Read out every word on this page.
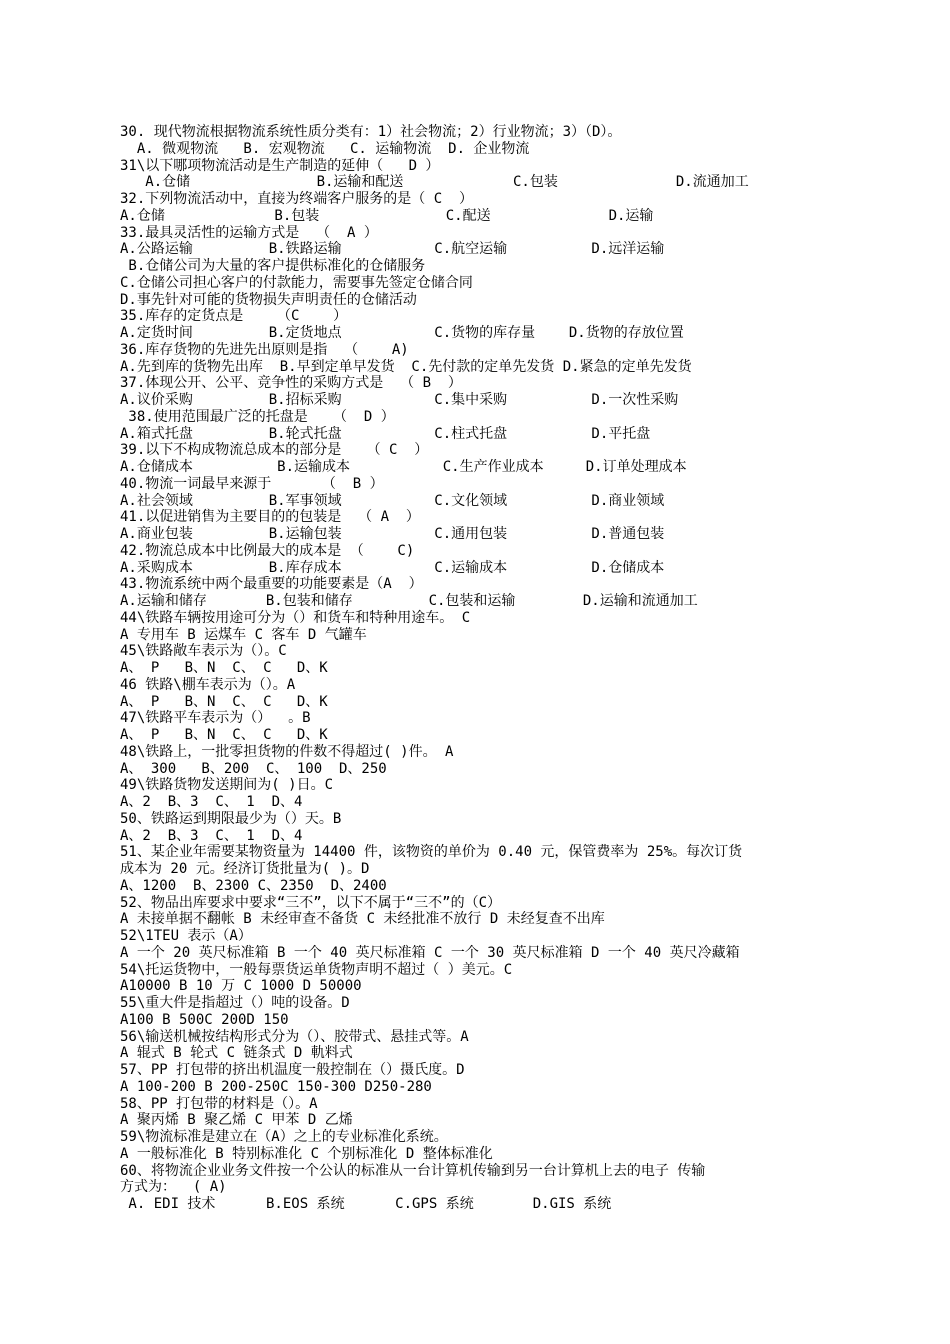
30. 现代物流根据物流系统性质分类有：1）社会物流；2）行业物流；3）（D）。
A. 微观物流   B. 宏观物流   C. 运输物流  D. 企业物流
31\以下哪项物流活动是生产制造的延伸（   D ）
A.仓储               B.运输和配送             C.包装              D.流通加工
32.下列物流活动中，直接为终端客户服务的是（ C  ）
A.仓储             B.包装               C.配送              D.运输
33.最具灵活性的运输方式是  （  A ）
A.公路运输         B.铁路运输           C.航空运输          D.远洋运输
B.仓储公司为大量的客户提供标准化的仓储服务
C.仓储公司担心客户的付款能力，需要事先签定仓储合同
D.事先针对可能的货物损失声明责任的仓储活动
35.库存的定货点是    （C    ）
A.定货时间         B.定货地点           C.货物的库存量    D.货物的存放位置
36.库存货物的先进先出原则是指  （    A)
A.先到库的货物先出库  B.早到定单早发货  C.先付款的定单先发货 D.紧急的定单先发货
37.体现公开、公平、竞争性的采购方式是  （ B  ）
A.议价采购         B.招标采购           C.集中采购          D.一次性采购
38.使用范围最广泛的托盘是   （  D ）
A.箱式托盘         B.轮式托盘           C.柱式托盘          D.平托盘
39.以下不构成物流总成本的部分是   （ C  ）
A.仓储成本          B.运输成本           C.生产作业成本     D.订单处理成本
40.物流一词最早来源于      （  B ）
A.社会领域         B.军事领域           C.文化领域          D.商业领域
41.以促进销售为主要目的的包装是  （ A  ）
A.商业包装         B.运输包装           C.通用包装          D.普通包装
42.物流总成本中比例最大的成本是 （    C)
A.采购成本         B.库存成本           C.运输成本          D.仓储成本
43.物流系统中两个最重要的功能要素是（A  ）
A.运输和储存       B.包装和储存         C.包装和运输        D.运输和流通加工
44\铁路车辆按用途可分为（）和货车和特种用途车。 C
A 专用车 B 运煤车 C 客车 D 气罐车
45\铁路敞车表示为（）。C
A、 P   B、N  C、 C   D、K
46 铁路\棚车表示为（）。A
A、 P   B、N  C、 C   D、K
47\铁路平车表示为（）  。B
A、 P   B、N  C、 C   D、K
48\铁路上，一批零担货物的件数不得超过( )件。 A
A、 300   B、200  C、 100  D、250
49\铁路货物发送期间为( )日。C
A、2  B、3  C、 1  D、4
50、铁路运到期限最少为（）天。B
A、2  B、3  C、 1  D、4
51、某企业年需要某物资量为 14400 件，该物资的单价为 0.40 元，保管费率为 25%。每次订货
成本为 20 元。经济订货批量为( )。D
A、1200  B、2300 C、2350  D、2400
52、物品出库要求中要求“三不”，以下不属于“三不”的（C）
A 未接单据不翻帐 B 未经审查不备货 C 未经批准不放行 D 未经复查不出库
52\1TEU 表示（A）
A 一个 20 英尺标准箱 B 一个 40 英尺标准箱 C 一个 30 英尺标准箱 D 一个 40 英尺冷藏箱
54\托运货物中，一般每票货运单货物声明不超过（ ）美元。C
A10000 B 10 万 C 1000 D 50000
55\重大件是指超过（）吨的设备。D
A100 B 500C 200D 150
56\输送机械按结构形式分为（）、胶带式、悬挂式等。A
A 辊式 B 轮式 C 链条式 D 軌料式
57、PP 打包带的挤出机温度一般控制在（）摄氏度。D
A 100-200 B 200-250C 150-300 D250-280
58、PP 打包带的材料是（）。A
A 聚丙烯 B 聚乙烯 C 甲苯 D 乙烯
59\物流标准是建立在（A）之上的专业标准化系统。
A 一般标准化 B 特别标准化 C 个别标准化 D 整体标准化
60、将物流企业业务文件按一个公认的标准从一台计算机传输到另一台计算机上去的电子 传输
方式为：  ( A)
A. EDI 技术      B.EOS 系统      C.GPS 系统       D.GIS 系统
